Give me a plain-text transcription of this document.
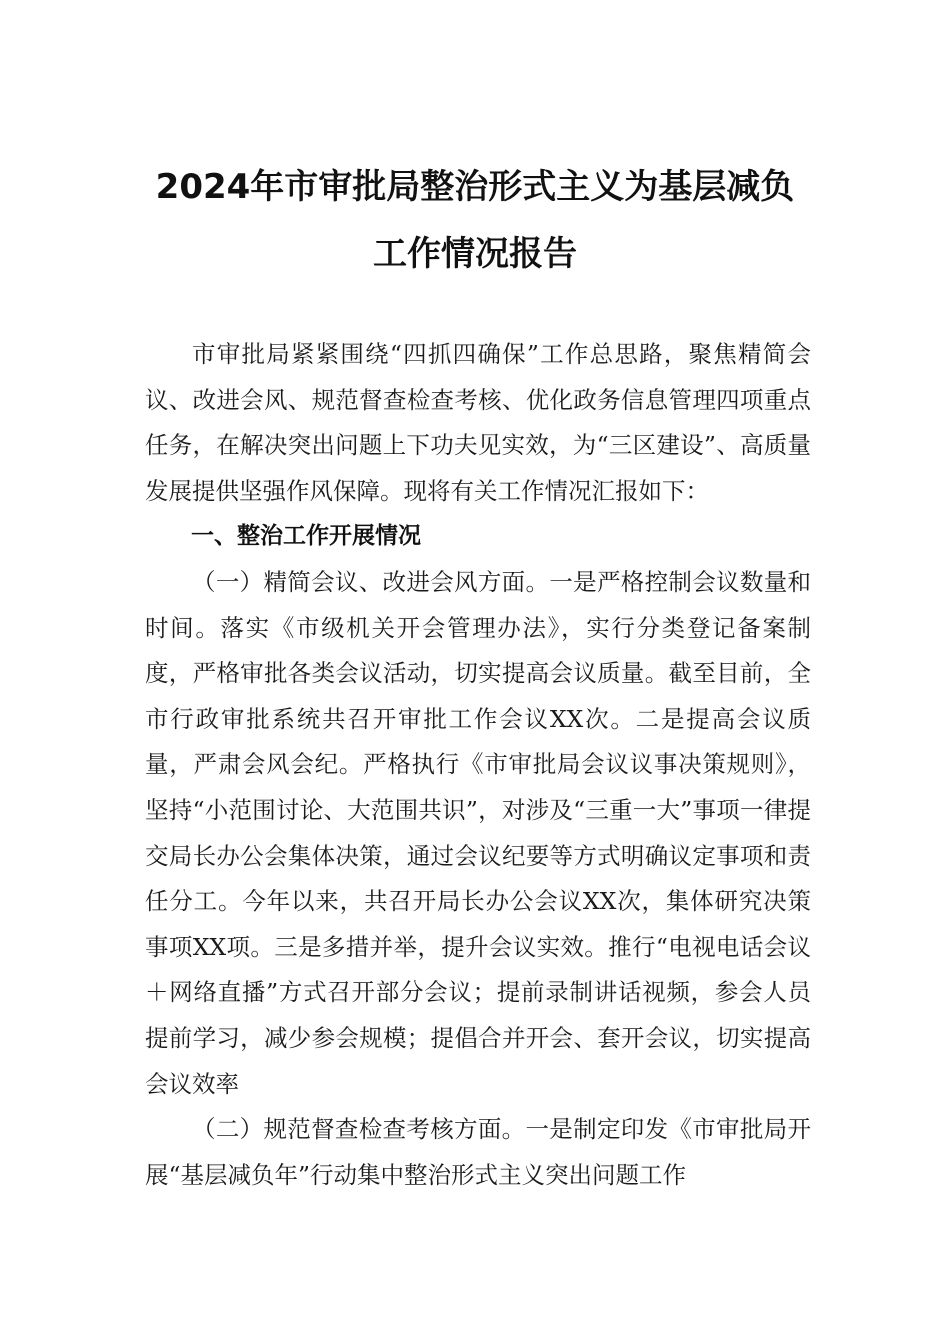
2024年市审批局整治形式主义为基层减负
工作情况报告

市审批局紧紧围绕“四抓四确保”工作总思路，聚焦精简会议、改进会风、规范督查检查考核、优化政务信息管理四项重点任务，在解决突出问题上下功夫见实效，为“三区建设”、高质量发展提供坚强作风保障。现将有关工作情况汇报如下：

一、整治工作开展情况

（一）精简会议、改进会风方面。一是严格控制会议数量和时间。落实《市级机关开会管理办法》，实行分类登记备案制度，严格审批各类会议活动，切实提高会议质量。截至目前，全市行政审批系统共召开审批工作会议XX次。二是提高会议质量，严肃会风会纪。严格执行《市审批局会议议事决策规则》，坚持“小范围讨论、大范围共识”，对涉及“三重一大”事项一律提交局长办公会集体决策，通过会议纪要等方式明确议定事项和责任分工。今年以来，共召开局长办公会议XX次，集体研究决策事项XX项。三是多措并举，提升会议实效。推行“电视电话会议＋网络直播”方式召开部分会议；提前录制讲话视频，参会人员提前学习，减少参会规模；提倡合并开会、套开会议，切实提高会议效率

（二）规范督查检查考核方面。一是制定印发《市审批局开展“基层减负年”行动集中整治形式主义突出问题工作
